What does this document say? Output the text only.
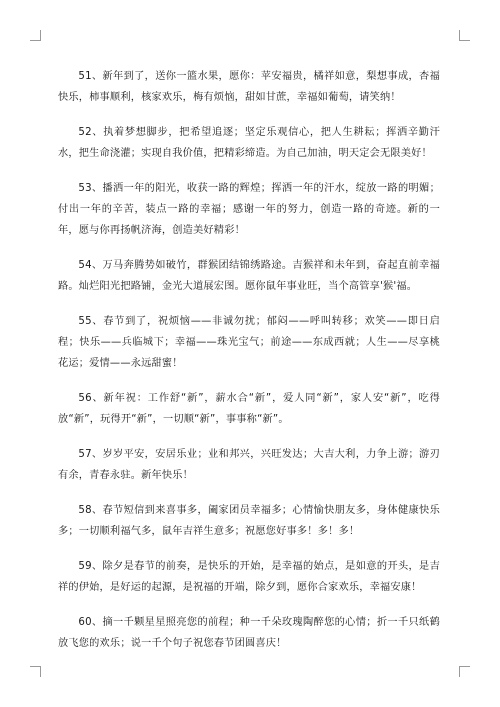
51、新年到了，送你一篮水果，愿你：苹安福贵，橘祥如意，梨想事成，杏福快乐，柿事顺利，核家欢乐，梅有烦恼，甜如甘蔗，幸福如葡萄，请笑纳！

52、执着梦想脚步，把希望追逐；坚定乐观信心，把人生耕耘；挥洒辛勤汗水，把生命浇灌；实现自我价值，把精彩缔造。为自己加油，明天定会无限美好！

53、播洒一年的阳光，收获一路的辉煌；挥洒一年的汗水，绽放一路的明媚；付出一年的辛苦，装点一路的幸福；感谢一年的努力，创造一路的奇迹。新的一年，愿与你再扬帆济海，创造美好精彩！

54、万马奔腾势如破竹，群猴团结锦绣路途。吉猴祥和未年到，奋起直前幸福路。灿烂阳光把路铺，金光大道展宏图。愿你鼠年事业旺，当个高管享'猴'福。

55、春节到了，祝烦恼——非诚勿扰；郁闷——呼叫转移；欢笑——即日启程；快乐——兵临城下；幸福——珠光宝气；前途——东成西就；人生——尽享桃花运；爱情——永远甜蜜！

56、新年祝：工作舒“新”，薪水合“新”，爱人同“新”，家人安“新”，吃得放“新”，玩得开“新”，一切顺“新”，事事称“新”。

57、岁岁平安，安居乐业；业和邦兴，兴旺发达；大吉大利，力争上游；游刃有余，青春永驻。新年快乐！

58、春节短信到来喜事多，阖家团员幸福多；心情愉快朋友多，身体健康快乐多；一切顺利福气多，鼠年吉祥生意多；祝愿您好事多！多！多！

59、除夕是春节的前奏，是快乐的开始，是幸福的始点，是如意的开头，是吉祥的伊始，是好运的起源，是祝福的开端，除夕到，愿你合家欢乐，幸福安康！

60、摘一千颗星星照亮您的前程；种一千朵玫瑰陶醉您的心情；折一千只纸鹤放飞您的欢乐；说一千个句子祝您春节团圆喜庆！
